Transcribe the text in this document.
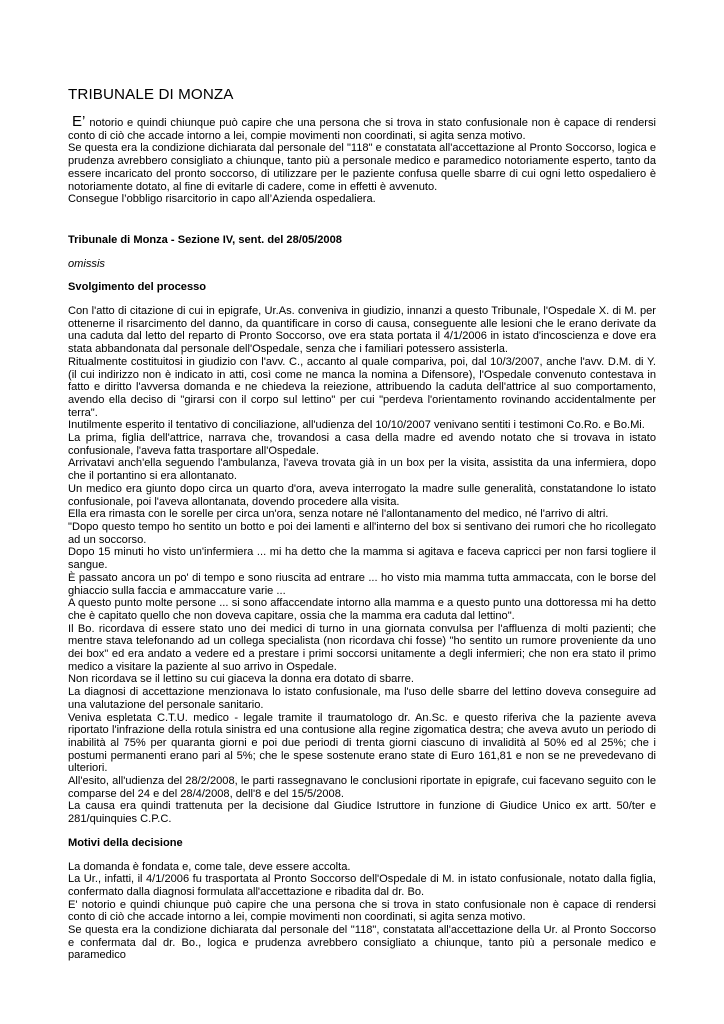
TRIBUNALE DI MONZA

E’ notorio e quindi chiunque può capire che una persona che si trova in stato confusionale non è capace di rendersi conto di ciò che accade intorno a lei, compie movimenti non coordinati, si agita senza motivo.

Se questa era la condizione dichiarata dal personale del "118" e constatata all'accettazione al Pronto Soccorso, logica e prudenza avrebbero consigliato a chiunque, tanto più a personale medico e paramedico notoriamente esperto, tanto da essere incaricato del pronto soccorso, di utilizzare per le paziente confusa quelle sbarre di cui ogni letto ospedaliero è notoriamente dotato, al fine di evitarle di cadere, come in effetti è avvenuto.

Consegue l’obbligo risarcitorio in capo all’Azienda ospedaliera.

Tribunale di Monza - Sezione IV, sent. del 28/05/2008

omissis

Svolgimento del processo

Con l'atto di citazione di cui in epigrafe, Ur.As. conveniva in giudizio, innanzi a questo Tribunale, l'Ospedale X. di M. per ottenerne il risarcimento del danno, da quantificare in corso di causa, conseguente alle lesioni che le erano derivate da una caduta dal letto del reparto di Pronto Soccorso, ove era stata portata il 4/1/2006 in istato d'incoscienza e dove era stata abbandonata dal personale dell'Ospedale, senza che i familiari potessero assisterla.

Ritualmente costituitosi in giudizio con l'avv. C., accanto al quale compariva, poi, dal 10/3/2007, anche l'avv. D.M. di Y. (il cui indirizzo non è indicato in atti, così come ne manca la nomina a Difensore), l'Ospedale convenuto contestava in fatto e diritto l'avversa domanda e ne chiedeva la reiezione, attribuendo la caduta dell'attrice al suo comportamento, avendo ella deciso di "girarsi con il corpo sul lettino" per cui "perdeva l'orientamento rovinando accidentalmente per terra".

Inutilmente esperito il tentativo di conciliazione, all'udienza del 10/10/2007 venivano sentiti i testimoni Co.Ro. e Bo.Mi.

La prima, figlia dell'attrice, narrava che, trovandosi a casa della madre ed avendo notato che si trovava in istato confusionale, l'aveva fatta trasportare all'Ospedale.

Arrivatavi anch'ella seguendo l'ambulanza, l'aveva trovata già in un box per la visita, assistita da una infermiera, dopo che il portantino si era allontanato.

Un medico era giunto dopo circa un quarto d'ora, aveva interrogato la madre sulle generalità, constatandone lo istato confusionale, poi l'aveva allontanata, dovendo procedere alla visita.

Ella era rimasta con le sorelle per circa un'ora, senza notare né l'allontanamento del medico, né l'arrivo di altri.

"Dopo questo tempo ho sentito un botto e poi dei lamenti e all'interno del box si sentivano dei rumori che ho ricollegato ad un soccorso.

Dopo 15 minuti ho visto un'infermiera ... mi ha detto che la mamma si agitava e faceva capricci per non farsi togliere il sangue.

È passato ancora un po' di tempo e sono riuscita ad entrare ... ho visto mia mamma tutta ammaccata, con le borse del ghiaccio sulla faccia e ammaccature varie ...

A questo punto molte persone ... si sono affaccendate intorno alla mamma e a questo punto una dottoressa mi ha detto che è capitato quello che non doveva capitare, ossia che la mamma era caduta dal lettino".

Il Bo. ricordava di essere stato uno dei medici di turno in una giornata convulsa per l'affluenza di molti pazienti; che mentre stava telefonando ad un collega specialista (non ricordava chi fosse) "ho sentito un rumore proveniente da uno dei box" ed era andato a vedere ed a prestare i primi soccorsi unitamente a degli infermieri; che non era stato il primo medico a visitare la paziente al suo arrivo in Ospedale.

Non ricordava se il lettino su cui giaceva la donna era dotato di sbarre.

La diagnosi di accettazione menzionava lo istato confusionale, ma l'uso delle sbarre del lettino doveva conseguire ad una valutazione del personale sanitario.

Veniva espletata C.T.U. medico - legale tramite il traumatologo dr. An.Sc. e questo riferiva che la paziente aveva riportato l'infrazione della rotula sinistra ed una contusione alla regine zigomatica destra; che aveva avuto un periodo di inabilità al 75% per quaranta giorni e poi due periodi di trenta giorni ciascuno di invalidità al 50% ed al 25%; che i postumi permanenti erano pari al 5%; che le spese sostenute erano state di Euro 161,81 e non se ne prevedevano di ulteriori.

All'esito, all'udienza del 28/2/2008, le parti rassegnavano le conclusioni riportate in epigrafe, cui facevano seguito con le comparse del 24 e del 28/4/2008, dell'8 e del 15/5/2008.

La causa era quindi trattenuta per la decisione dal Giudice Istruttore in funzione di Giudice Unico ex artt. 50/ter e 281/quinquies C.P.C.

Motivi della decisione

La domanda è fondata e, come tale, deve essere accolta.

La Ur., infatti, il 4/1/2006 fu trasportata al Pronto Soccorso dell'Ospedale di M. in istato confusionale, notato dalla figlia, confermato dalla diagnosi formulata all'accettazione e ribadita dal dr. Bo.

E' notorio e quindi chiunque può capire che una persona che si trova in stato confusionale non è capace di rendersi conto di ciò che accade intorno a lei, compie movimenti non coordinati, si agita senza motivo.

Se questa era la condizione dichiarata dal personale del "118", constatata all'accettazione della Ur. al Pronto Soccorso e confermata dal dr. Bo., logica e prudenza avrebbero consigliato a chiunque, tanto più a personale medico e paramedico
